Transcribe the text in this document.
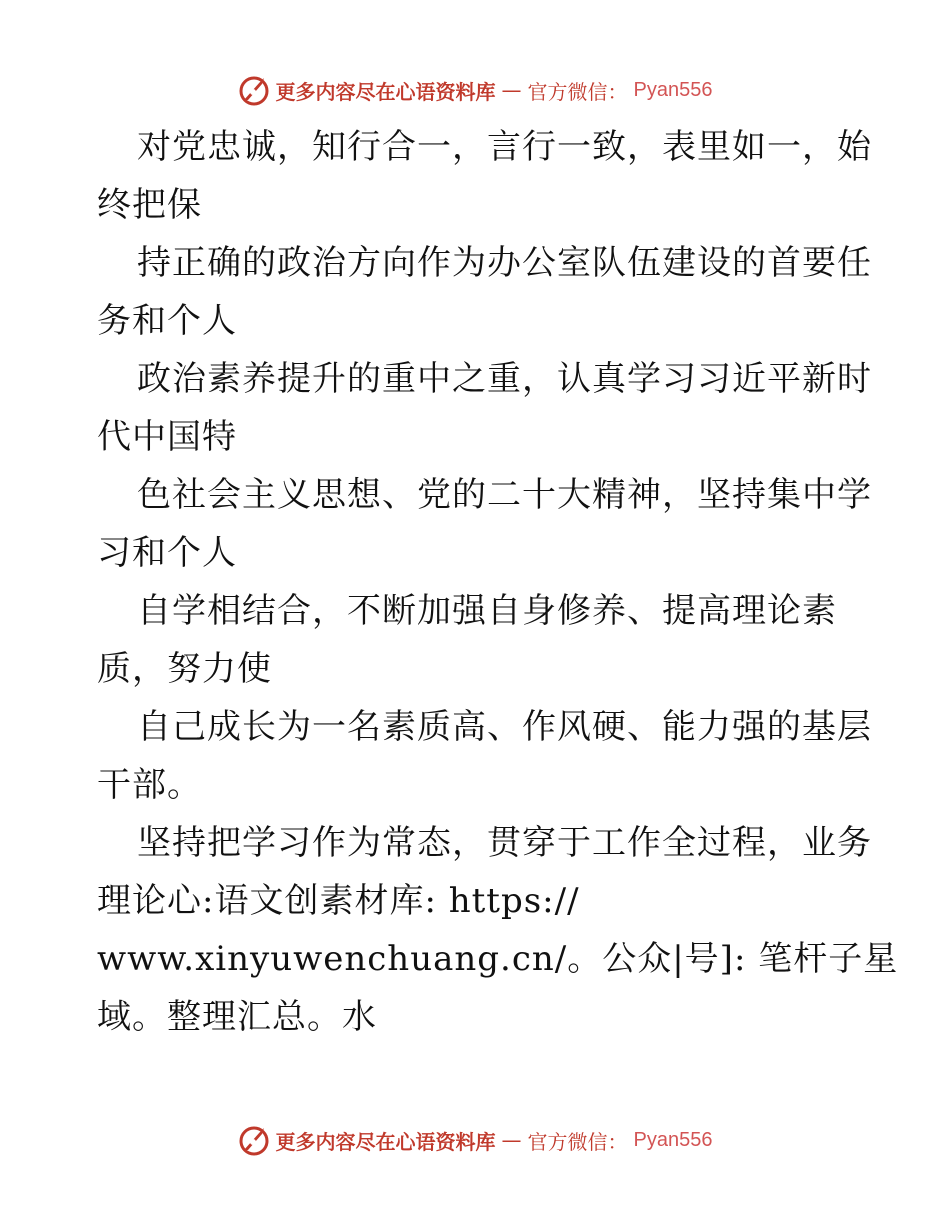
更多内容尽在心语资料库 — 官方微信： Pyan556
对党忠诚，知行合一，言行一致，表里如一，始
终把保
持正确的政治方向作为办公室队伍建设的首要任
务和个人
政治素养提升的重中之重，认真学习习近平新时
代中国特
色社会主义思想、党的二十大精神，坚持集中学
习和个人
自学相结合，不断加强自身修养、提高理论素
质，努力使
自己成长为一名素质高、作风硬、能力强的基层
干部。
坚持把学习作为常态，贯穿于工作全过程，业务
理论心:语文创素材库: https://
www.xinyuwenchuang.cn/。公众|号]: 笔杆子星
域。整理汇总。水
更多内容尽在心语资料库 — 官方微信： Pyan556
